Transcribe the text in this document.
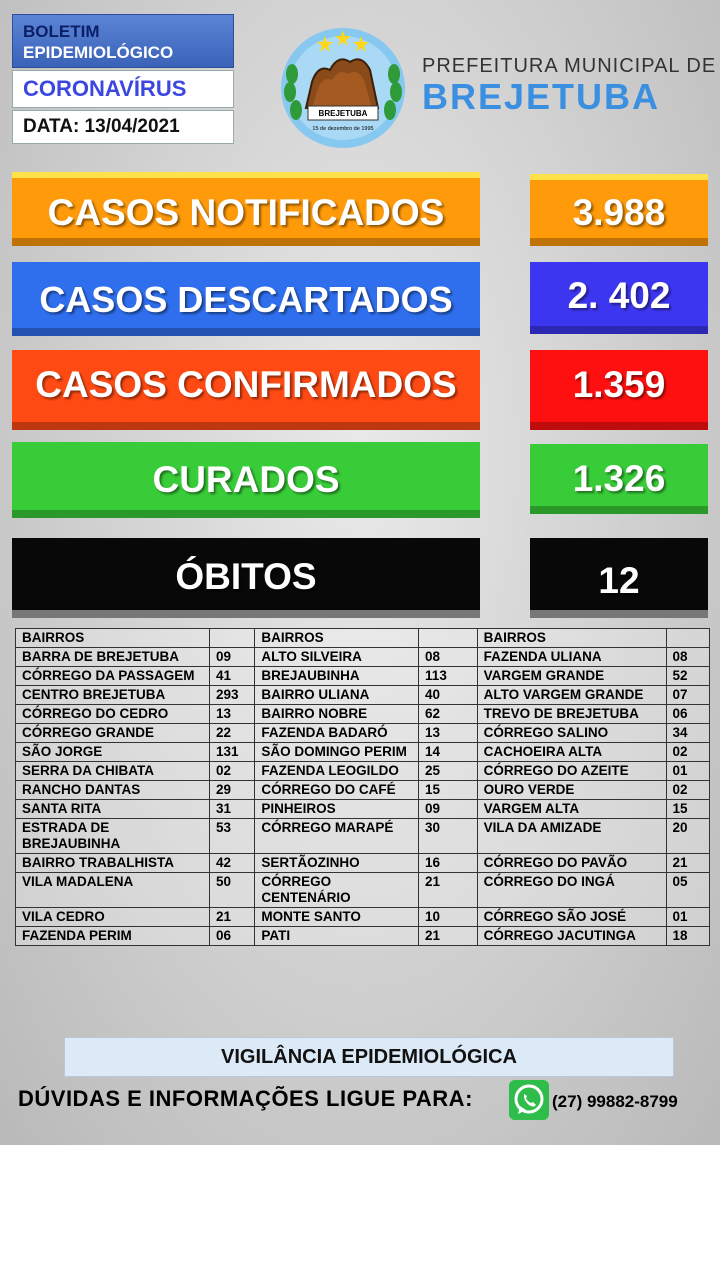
BOLETIM
EPIDEMIOLÓGICO
CORONAVÍRUS
DATA: 13/04/2021
BREJETUBA
15 de dezembro de 1995
PREFEITURA MUNICIPAL DE
BREJETUBA
CASOS NOTIFICADOS	3.988
CASOS DESCARTADOS	2. 402
CASOS CONFIRMADOS	1.359
CURADOS	1.326
ÓBITOS	12
BAIRROS		BAIRROS		BAIRROS	
BARRA DE BREJETUBA	09	ALTO SILVEIRA	08	FAZENDA ULIANA	08
CÓRREGO DA PASSAGEM	41	BREJAUBINHA	113	VARGEM GRANDE	52
CENTRO BREJETUBA	293	BAIRRO ULIANA	40	ALTO VARGEM GRANDE	07
CÓRREGO DO CEDRO	13	BAIRRO NOBRE	62	TREVO DE BREJETUBA	06
CÓRREGO GRANDE	22	FAZENDA BADARÓ	13	CÓRREGO SALINO	34
SÃO JORGE	131	SÃO DOMINGO PERIM	14	CACHOEIRA ALTA	02
SERRA DA CHIBATA	02	FAZENDA LEOGILDO	25	CÓRREGO DO AZEITE	01
RANCHO DANTAS	29	CÓRREGO DO CAFÉ	15	OURO VERDE	02
SANTA RITA	31	PINHEIROS	09	VARGEM ALTA	15
ESTRADA DE BREJAUBINHA	53	CÓRREGO MARAPÉ	30	VILA DA AMIZADE	20
BAIRRO TRABALHISTA	42	SERTÃOZINHO	16	CÓRREGO DO PAVÃO	21
VILA MADALENA	50	CÓRREGO CENTENÁRIO	21	CÓRREGO DO INGÁ	05
VILA CEDRO	21	MONTE SANTO	10	CÓRREGO SÃO JOSÉ	01
FAZENDA PERIM	06	PATI	21	CÓRREGO JACUTINGA	18
VIGILÂNCIA EPIDEMIOLÓGICA
DÚVIDAS E INFORMAÇÕES LIGUE PARA:	(27) 99882-8799
